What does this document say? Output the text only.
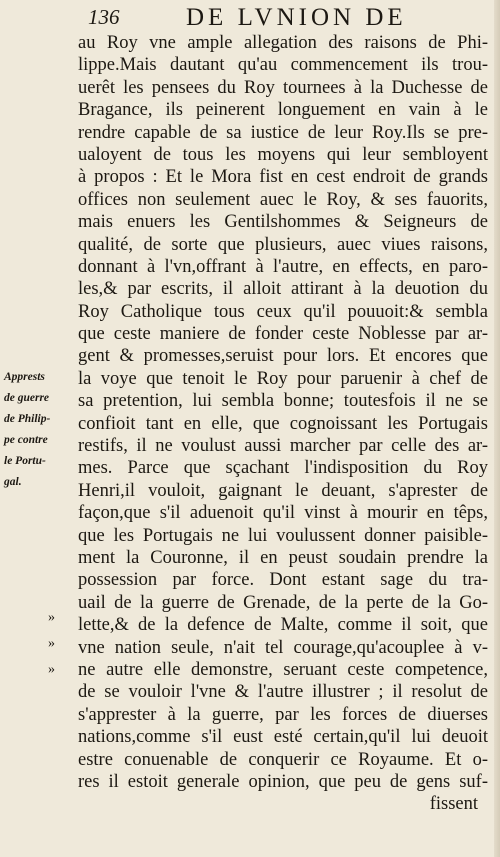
136	DE LVNION DE
au Roy vne ample allegation des raisons de Phi-
lippe.Mais dautant qu'au commencement ils trou-
uerêt les pensees du Roy tournees à la Duchesse de
Bragance, ils peinerent longuement en vain à le
rendre capable de sa iustice de leur Roy.Ils se pre-
ualoyent de tous les moyens qui leur sembloyent
à propos : Et le Mora fist en cest endroit de grands
offices non seulement auec le Roy, & ses fauorits,
mais enuers les Gentilshommes & Seigneurs de
qualité, de sorte que plusieurs, auec viues raisons,
donnant à l'vn,offrant à l'autre, en effects, en paro-
les,& par escrits, il alloit attirant à la deuotion du
Roy Catholique tous ceux qu'il pouuoit:& sembla
que ceste maniere de fonder ceste Noblesse par ar-
gent & promesses,seruist pour lors. Et encores que
la voye que tenoit le Roy pour paruenir à chef de
sa pretention, lui sembla bonne; toutesfois il ne se
confioit tant en elle, que cognoissant les Portugais
restifs, il ne voulust aussi marcher par celle des ar-
mes. Parce que sçachant l'indisposition du Roy
Henri,il vouloit, gaignant le deuant, s'aprester de
façon,que s'il aduenoit qu'il vinst à mourir en têps,
que les Portugais ne lui voulussent donner paisible-
ment la Couronne, il en peust soudain prendre la
possession par force. Dont estant sage du tra-
uail de la guerre de Grenade, de la perte de la Go-
lette,& de la defence de Malte, comme il soit, que
vne nation seule, n'ait tel courage,qu'acouplee à v-
ne autre elle demonstre, seruant ceste competence,
de se vouloir l'vne & l'autre illustrer ; il resolut de
s'apprester à la guerre, par les forces de diuerses
nations,comme s'il eust esté certain,qu'il lui deuoit
estre conuenable de conquerir ce Royaume. Et o-
res il estoit generale opinion, que peu de gens suf-
fissent
Apprests
de guerre
de Philip-
pe contre
le Portu-
gal.
»
»
»
